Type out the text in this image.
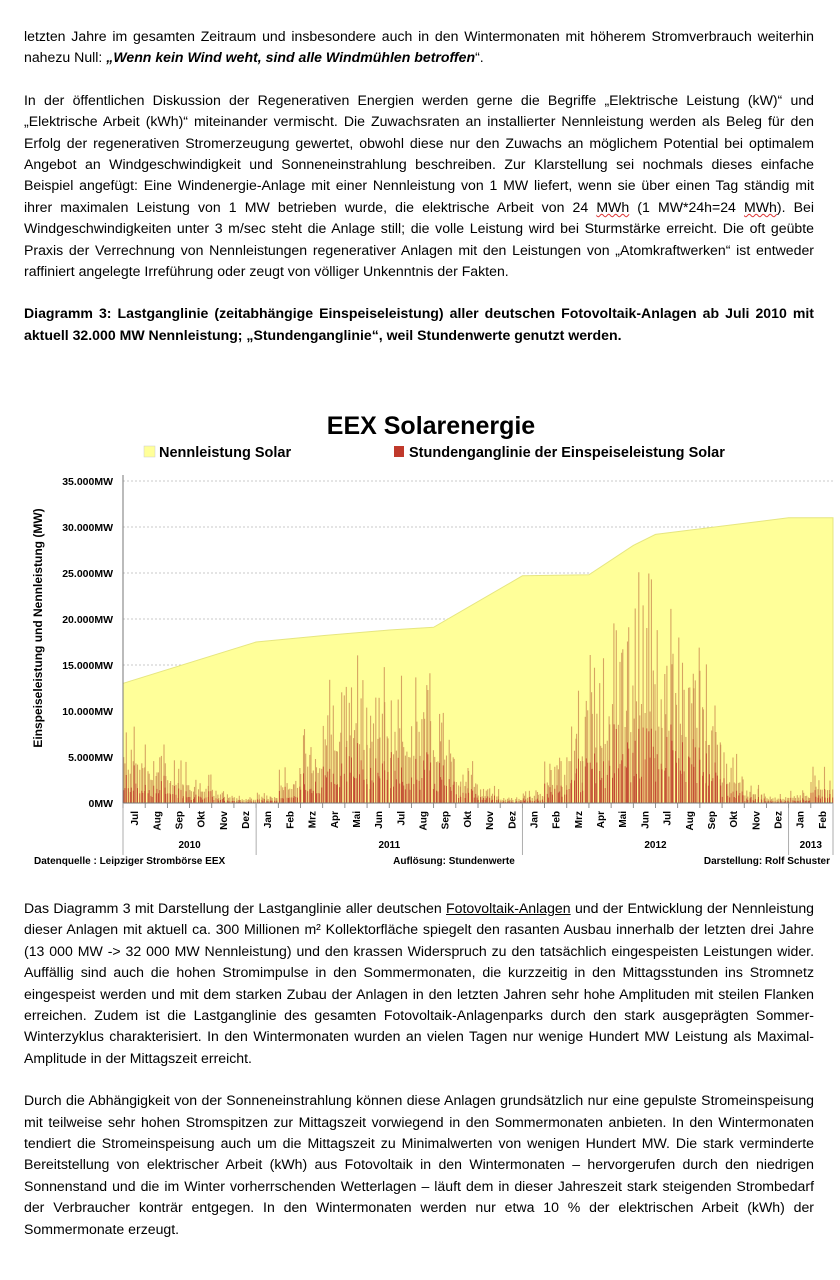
letzten Jahre im gesamten Zeitraum und insbesondere auch in den Wintermonaten mit höherem Stromverbrauch weiterhin nahezu Null: „Wenn kein Wind weht, sind alle Windmühlen betroffen“.

In der öffentlichen Diskussion der Regenerativen Energien werden gerne die Begriffe „Elektrische Leistung (kW)“ und „Elektrische Arbeit (kWh)“ miteinander vermischt. Die Zuwachsraten an installierter Nennleistung werden als Beleg für den Erfolg der regenerativen Stromerzeugung gewertet, obwohl diese nur den Zuwachs an möglichem Potential bei optimalem Angebot an Windgeschwindigkeit und Sonneneinstrahlung beschreiben. Zur Klarstellung sei nochmals dieses einfache Beispiel angefügt: Eine Windenergie-Anlage mit einer Nennleistung von 1 MW liefert, wenn sie über einen Tag ständig mit ihrer maximalen Leistung von 1 MW betrieben wurde, die elektrische Arbeit von 24 MWh (1 MW*24h=24 MWh). Bei Windgeschwindigkeiten unter 3 m/sec steht die Anlage still; die volle Leistung wird bei Sturmstärke erreicht. Die oft geübte Praxis der Verrechnung von Nennleistungen regenerativer Anlagen mit den Leistungen von „Atomkraftwerken“ ist entweder raffiniert angelegte Irreführung oder zeugt von völliger Unkenntnis der Fakten.

Diagramm 3: Lastganglinie (zeitabhängige Einspeiseleistung) aller deutschen Fotovoltaik-Anlagen ab Juli 2010 mit aktuell 32.000 MW Nennleistung; „Stundenganglinie“, weil Stundenwerte genutzt werden.

EEX Solarenergie
Nennleistung Solar	Stundenganglinie der Einspeiseleistung Solar
Einspeiseleistung und Nennleistung (MW)
0MW
5.000MW
10.000MW
15.000MW
20.000MW
25.000MW
30.000MW
35.000MW
Jul Aug Sep Okt Nov Dez Jan Feb Mrz Apr Mai Jun Jul Aug Sep Okt Nov Dez Jan Feb Mrz Apr Mai Jun Jul Aug Sep Okt Nov Dez Jan Feb
2010	2011	2012	2013
Datenquelle : Leipziger Strombörse EEX	Auflösung: Stundenwerte	Darstellung: Rolf Schuster

Das Diagramm 3 mit Darstellung der Lastganglinie aller deutschen Fotovoltaik-Anlagen und der Entwicklung der Nennleistung dieser Anlagen mit aktuell ca. 300 Millionen m² Kollektorfläche spiegelt den rasanten Ausbau innerhalb der letzten drei Jahre (13 000 MW -> 32 000 MW Nennleistung) und den krassen Widerspruch zu den tatsächlich eingespeisten Leistungen wider. Auffällig sind auch die hohen Stromimpulse in den Sommermonaten, die kurzzeitig in den Mittagsstunden ins Stromnetz eingespeist werden und mit dem starken Zubau der Anlagen in den letzten Jahren sehr hohe Amplituden mit steilen Flanken erreichen. Zudem ist die Lastganglinie des gesamten Fotovoltaik-Anlagenparks durch den stark ausgeprägten Sommer-Winterzyklus charakterisiert. In den Wintermonaten wurden an vielen Tagen nur wenige Hundert MW Leistung als Maximal-Amplitude in der Mittagszeit erreicht.

Durch die Abhängigkeit von der Sonneneinstrahlung können diese Anlagen grundsätzlich nur eine gepulste Stromeinspeisung mit teilweise sehr hohen Stromspitzen zur Mittagszeit vorwiegend in den Sommermonaten anbieten. In den Wintermonaten tendiert die Stromeinspeisung auch um die Mittagszeit zu Minimalwerten von wenigen Hundert MW. Die stark verminderte Bereitstellung von elektrischer Arbeit (kWh) aus Fotovoltaik in den Wintermonaten – hervorgerufen durch den niedrigen Sonnenstand und die im Winter vorherrschenden Wetterlagen – läuft dem in dieser Jahreszeit stark steigenden Strombedarf der Verbraucher konträr entgegen. In den Wintermonaten werden nur etwa 10 % der elektrischen Arbeit (kWh) der Sommermonate erzeugt.
